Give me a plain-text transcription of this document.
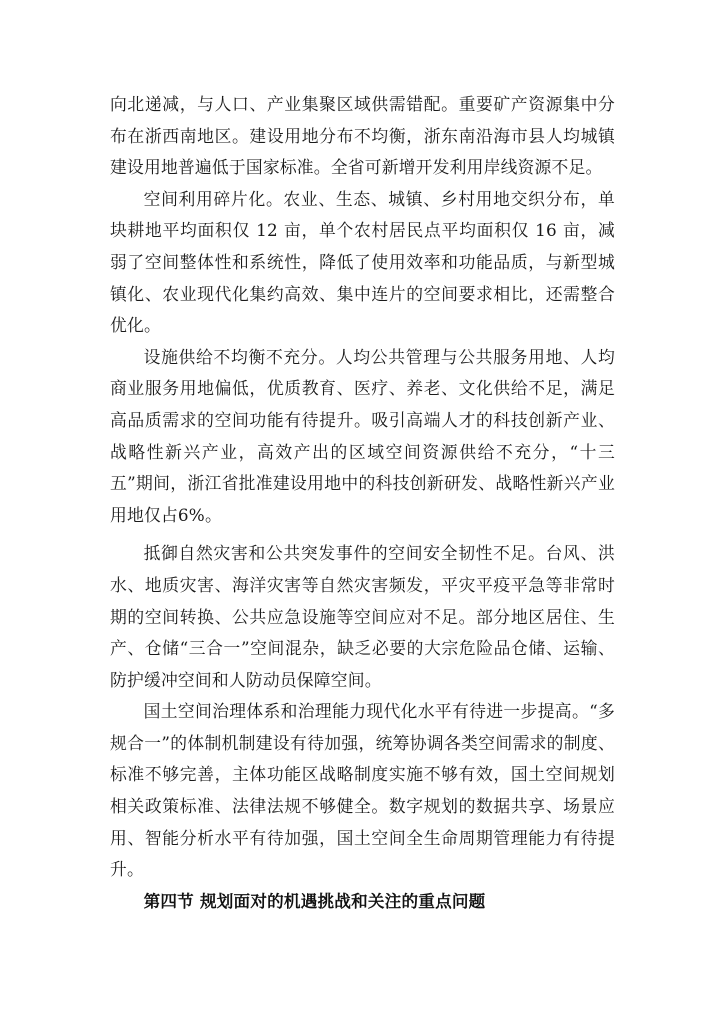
向北递减，与人口、产业集聚区域供需错配。重要矿产资源集中分布在浙西南地区。建设用地分布不均衡，浙东南沿海市县人均城镇建设用地普遍低于国家标准。全省可新增开发利用岸线资源不足。

空间利用碎片化。农业、生态、城镇、乡村用地交织分布，单块耕地平均面积仅 12 亩，单个农村居民点平均面积仅 16 亩，减弱了空间整体性和系统性，降低了使用效率和功能品质，与新型城镇化、农业现代化集约高效、集中连片的空间要求相比，还需整合优化。

设施供给不均衡不充分。人均公共管理与公共服务用地、人均商业服务用地偏低，优质教育、医疗、养老、文化供给不足，满足高品质需求的空间功能有待提升。吸引高端人才的科技创新产业、战略性新兴产业，高效产出的区域空间资源供给不充分，“十三五”期间，浙江省批准建设用地中的科技创新研发、战略性新兴产业用地仅占6%。

抵御自然灾害和公共突发事件的空间安全韧性不足。台风、洪水、地质灾害、海洋灾害等自然灾害频发，平灾平疫平急等非常时期的空间转换、公共应急设施等空间应对不足。部分地区居住、生产、仓储“三合一”空间混杂，缺乏必要的大宗危险品仓储、运输、防护缓冲空间和人防动员保障空间。

国土空间治理体系和治理能力现代化水平有待进一步提高。“多规合一”的体制机制建设有待加强，统筹协调各类空间需求的制度、标准不够完善，主体功能区战略制度实施不够有效，国土空间规划相关政策标准、法律法规不够健全。数字规划的数据共享、场景应用、智能分析水平有待加强，国土空间全生命周期管理能力有待提升。

第四节 规划面对的机遇挑战和关注的重点问题
